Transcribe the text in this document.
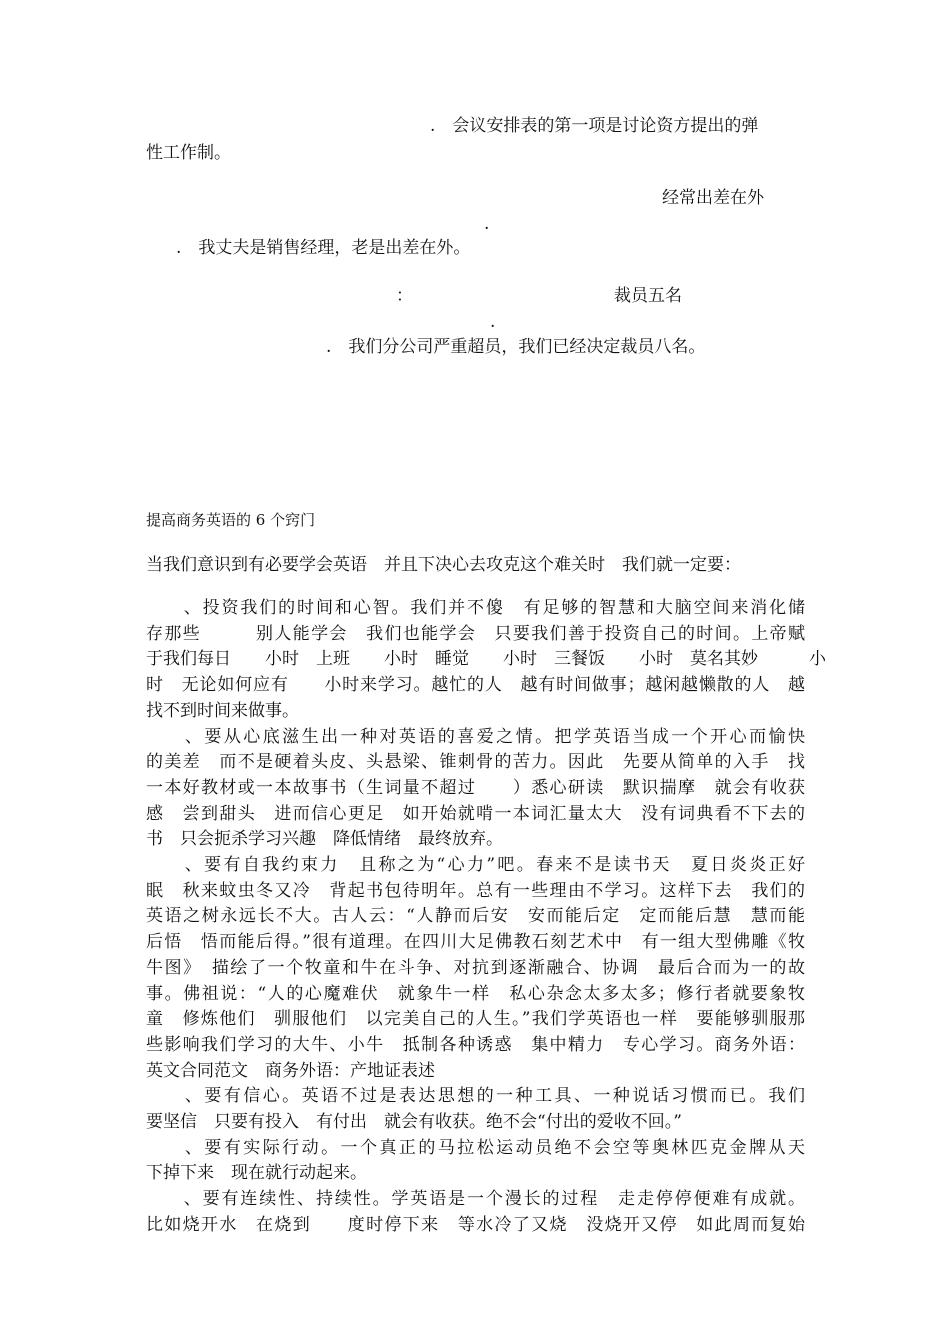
.　会议安排表的第一项是讨论资方提出的弹
性工作制。
经常出差在外
.
.　我丈夫是销售经理，老是出差在外。
：	裁员五名
.
.　我们分公司严重超员，我们已经决定裁员八名。
提高商务英语的 6 个窍门
当我们意识到有必要学会英语　并且下决心去攻克这个难关时　我们就一定要：
　　、投资我们的时间和心智。我们并不傻　有足够的智慧和大脑空间来消化储
存那些　　　别人能学会　我们也能学会　只要我们善于投资自己的时间。上帝赋
于我们每日　　小时　上班　　小时　睡觉　　小时　三餐饭　　小时　莫名其妙　　　小
时　无论如何应有　　小时来学习。越忙的人　越有时间做事；越闲越懒散的人　越
找不到时间来做事。
　　、要从心底滋生出一种对英语的喜爱之情。把学英语当成一个开心而愉快
的美差　而不是硬着头皮、头悬梁、锥刺骨的苦力。因此　先要从简单的入手　找
一本好教材或一本故事书（生词量不超过　　）悉心研读　默识揣摩　就会有收获
感　尝到甜头　进而信心更足　如开始就啃一本词汇量太大　没有词典看不下去的
书　只会扼杀学习兴趣　降低情绪　最终放弃。
　　、要有自我约束力　且称之为“心力”吧。春来不是读书天　夏日炎炎正好
眠　秋来蚊虫冬又冷　背起书包待明年。总有一些理由不学习。这样下去　我们的
英语之树永远长不大。古人云：“人静而后安　安而能后定　定而能后慧　慧而能
后悟　悟而能后得。”很有道理。在四川大足佛教石刻艺术中　有一组大型佛雕《牧
牛图》　描绘了一个牧童和牛在斗争、对抗到逐渐融合、协调　最后合而为一的故
事。佛祖说：“人的心魔难伏　就象牛一样　私心杂念太多太多；修行者就要象牧
童　修炼他们　驯服他们　以完美自己的人生。”我们学英语也一样　要能够驯服那
些影响我们学习的大牛、小牛　抵制各种诱惑　集中精力　专心学习。商务外语：
英文合同范文　商务外语：产地证表述
　　、要有信心。英语不过是表达思想的一种工具、一种说话习惯而已。我们
要坚信　只要有投入　有付出　就会有收获。绝不会“付出的爱收不回。”
　　、要有实际行动。一个真正的马拉松运动员绝不会空等奥林匹克金牌从天
下掉下来　现在就行动起来。
　　、要有连续性、持续性。学英语是一个漫长的过程　走走停停便难有成就。
比如烧开水　在烧到　　度时停下来　等水冷了又烧　没烧开又停　如此周而复始
